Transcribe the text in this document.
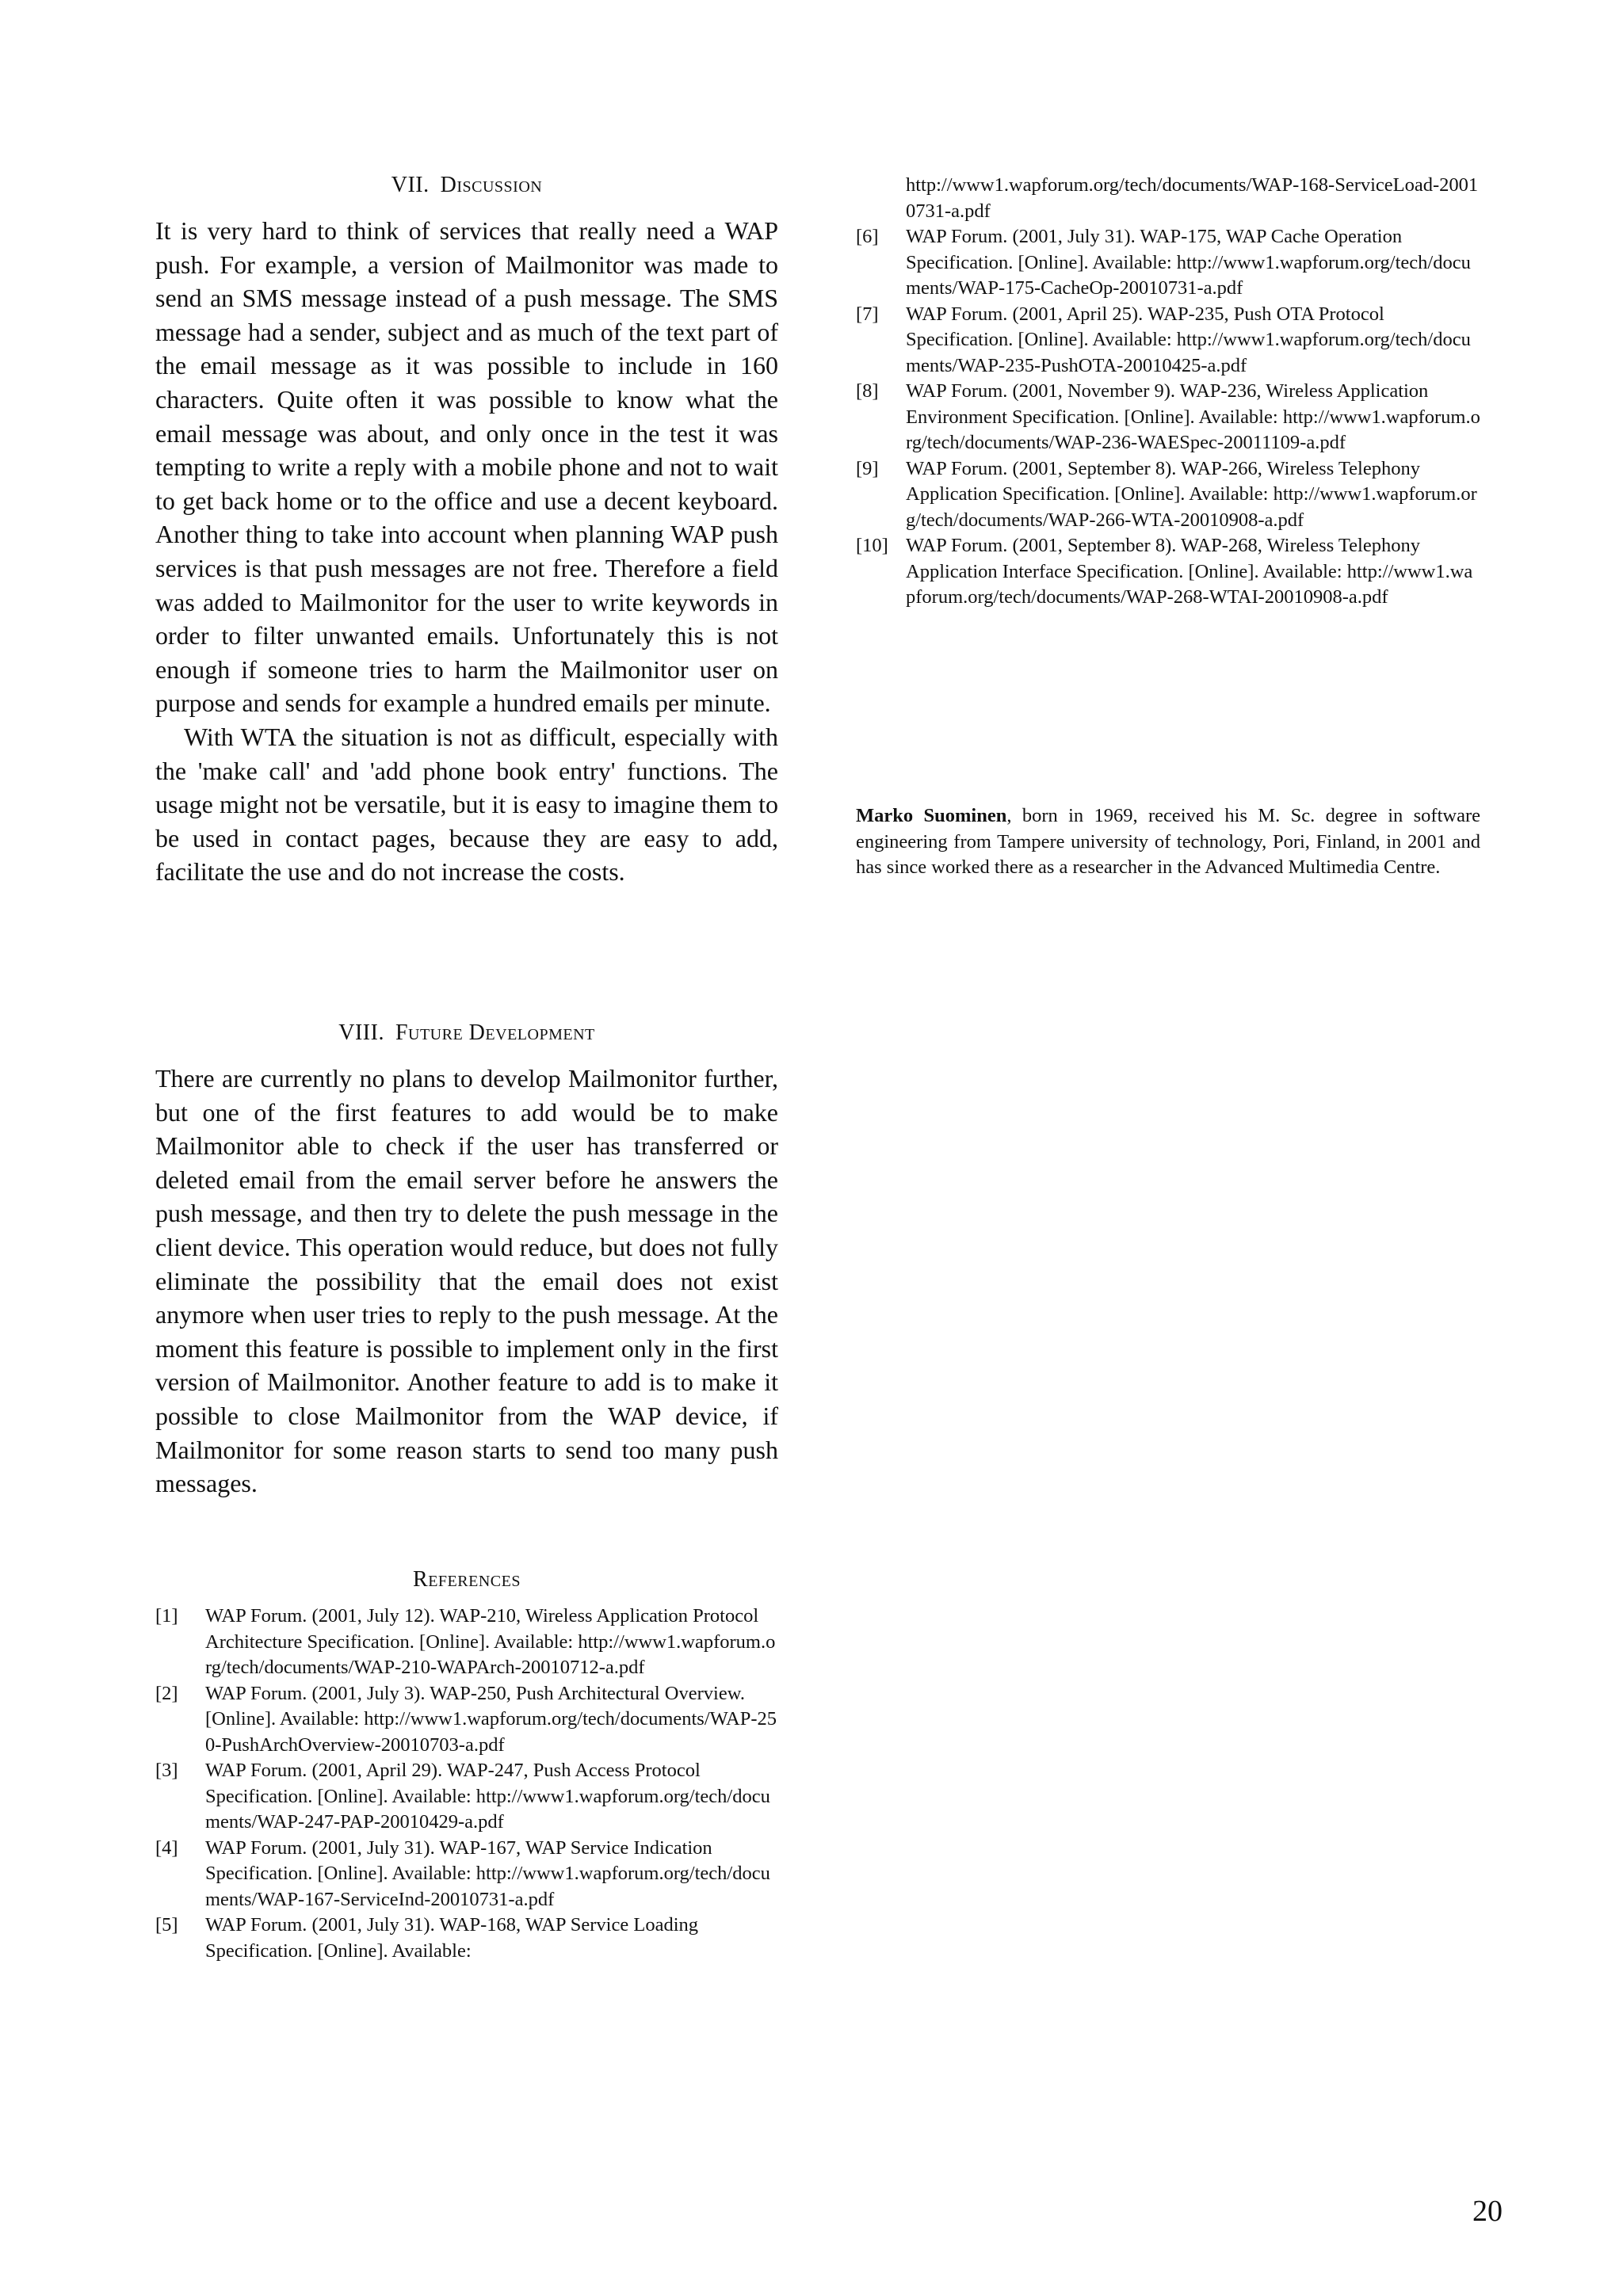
VII. Discussion

It is very hard to think of services that really need a WAP push. For example, a version of Mailmonitor was made to send an SMS message instead of a push message. The SMS message had a sender, subject and as much of the text part of the email message as it was possible to include in 160 characters. Quite often it was possible to know what the email message was about, and only once in the test it was tempting to write a reply with a mobile phone and not to wait to get back home or to the office and use a decent keyboard. Another thing to take into account when planning WAP push services is that push messages are not free. Therefore a field was added to Mailmonitor for the user to write keywords in order to filter unwanted emails. Unfortunately this is not enough if someone tries to harm the Mailmonitor user on purpose and sends for example a hundred emails per minute.

With WTA the situation is not as difficult, especially with the 'make call' and 'add phone book entry' functions. The usage might not be versatile, but it is easy to imagine them to be used in contact pages, because they are easy to add, facilitate the use and do not increase the costs.

VIII. Future Development

There are currently no plans to develop Mailmonitor further, but one of the first features to add would be to make Mailmonitor able to check if the user has transferred or deleted email from the email server before he answers the push message, and then try to delete the push message in the client device. This operation would reduce, but does not fully eliminate the possibility that the email does not exist anymore when user tries to reply to the push message. At the moment this feature is possible to implement only in the first version of Mailmonitor. Another feature to add is to make it possible to close Mailmonitor from the WAP device, if Mailmonitor for some reason starts to send too many push messages.

References
[1] WAP Forum. (2001, July 12). WAP-210, Wireless Application Protocol Architecture Specification. [Online]. Available: http://www1.wapforum.org/tech/documents/WAP-210-WAPArch-20010712-a.pdf
[2] WAP Forum. (2001, July 3). WAP-250, Push Architectural Overview. [Online]. Available: http://www1.wapforum.org/tech/documents/WAP-250-PushArchOverview-20010703-a.pdf
[3] WAP Forum. (2001, April 29). WAP-247, Push Access Protocol Specification. [Online]. Available: http://www1.wapforum.org/tech/documents/WAP-247-PAP-20010429-a.pdf
[4] WAP Forum. (2001, July 31). WAP-167, WAP Service Indication Specification. [Online]. Available: http://www1.wapforum.org/tech/documents/WAP-167-ServiceInd-20010731-a.pdf
[5] WAP Forum. (2001, July 31). WAP-168, WAP Service Loading Specification. [Online]. Available:
http://www1.wapforum.org/tech/documents/WAP-168-ServiceLoad-20010731-a.pdf
[6] WAP Forum. (2001, July 31). WAP-175, WAP Cache Operation Specification. [Online]. Available: http://www1.wapforum.org/tech/documents/WAP-175-CacheOp-20010731-a.pdf
[7] WAP Forum. (2001, April 25). WAP-235, Push OTA Protocol Specification. [Online]. Available: http://www1.wapforum.org/tech/documents/WAP-235-PushOTA-20010425-a.pdf
[8] WAP Forum. (2001, November 9). WAP-236, Wireless Application Environment Specification. [Online]. Available: http://www1.wapforum.org/tech/documents/WAP-236-WAESpec-20011109-a.pdf
[9] WAP Forum. (2001, September 8). WAP-266, Wireless Telephony Application Specification. [Online]. Available: http://www1.wapforum.org/tech/documents/WAP-266-WTA-20010908-a.pdf
[10] WAP Forum. (2001, September 8). WAP-268, Wireless Telephony Application Interface Specification. [Online]. Available: http://www1.wapforum.org/tech/documents/WAP-268-WTAI-20010908-a.pdf
Marko Suominen, born in 1969, received his M. Sc. degree in software engineering from Tampere university of technology, Pori, Finland, in 2001 and has since worked there as a researcher in the Advanced Multimedia Centre.
20
